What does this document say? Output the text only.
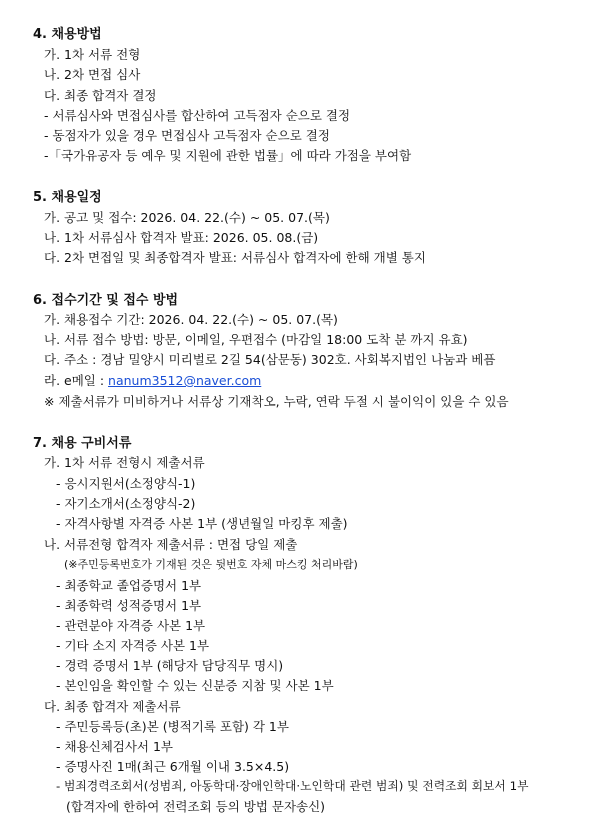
4. 채용방법
가. 1차 서류 전형
나. 2차 면접 심사
다. 최종 합격자 결정
- 서류심사와 면접심사를 합산하여 고득점자 순으로 결정
- 동점자가 있을 경우 면접심사 고득점자 순으로 결정
-「국가유공자 등 예우 및 지원에 관한 법률」에 따라 가점을 부여함
5. 채용일정
가. 공고 및 접수: 2026. 04. 22.(수) ~ 05. 07.(목)
나. 1차 서류심사 합격자 발표: 2026. 05. 08.(금)
다. 2차 면접일 및 최종합격자 발표: 서류심사 합격자에 한해 개별 통지
6. 접수기간 및 접수 방법
가. 채용접수 기간: 2026. 04. 22.(수) ~ 05. 07.(목)
나. 서류 접수 방법: 방문, 이메일, 우편접수 (마감일 18:00 도착 분 까지 유효)
다. 주소 : 경남 밀양시 미리벌로 2길 54(삼문동) 302호. 사회복지법인 나눔과 베픔
라. e메일 : nanum3512@naver.com
※ 제출서류가 미비하거나 서류상 기재착오, 누락, 연락 두절 시 불이익이 있을 수 있음
7. 채용 구비서류
가. 1차 서류 전형시 제출서류
- 응시지원서(소정양식-1)
- 자기소개서(소정양식-2)
- 자격사항별 자격증 사본 1부 (생년월일 마킹후 제출)
나. 서류전형 합격자 제출서류 : 면접 당일 제출
(※주민등록번호가 기재된 것은 뒷번호 자체 마스킹 처리바람)
- 최종학교 졸업증명서 1부
- 최종학력 성적증명서 1부
- 관련분야 자격증 사본 1부
- 기타 소지 자격증 사본 1부
- 경력 증명서 1부 (해당자 담당직무 명시)
- 본인임을 확인할 수 있는 신분증 지참 및 사본 1부
다. 최종 합격자 제출서류
- 주민등록등(초)본 (병적기록 포함) 각 1부
- 채용신체검사서 1부
- 증명사진 1매(최근 6개월 이내 3.5×4.5)
- 범죄경력조회서(성범죄, 아동학대·장애인학대·노인학대 관련 범죄) 및 전력조회 회보서 1부
(합격자에 한하여 전력조회 등의 방법 문자송신)
